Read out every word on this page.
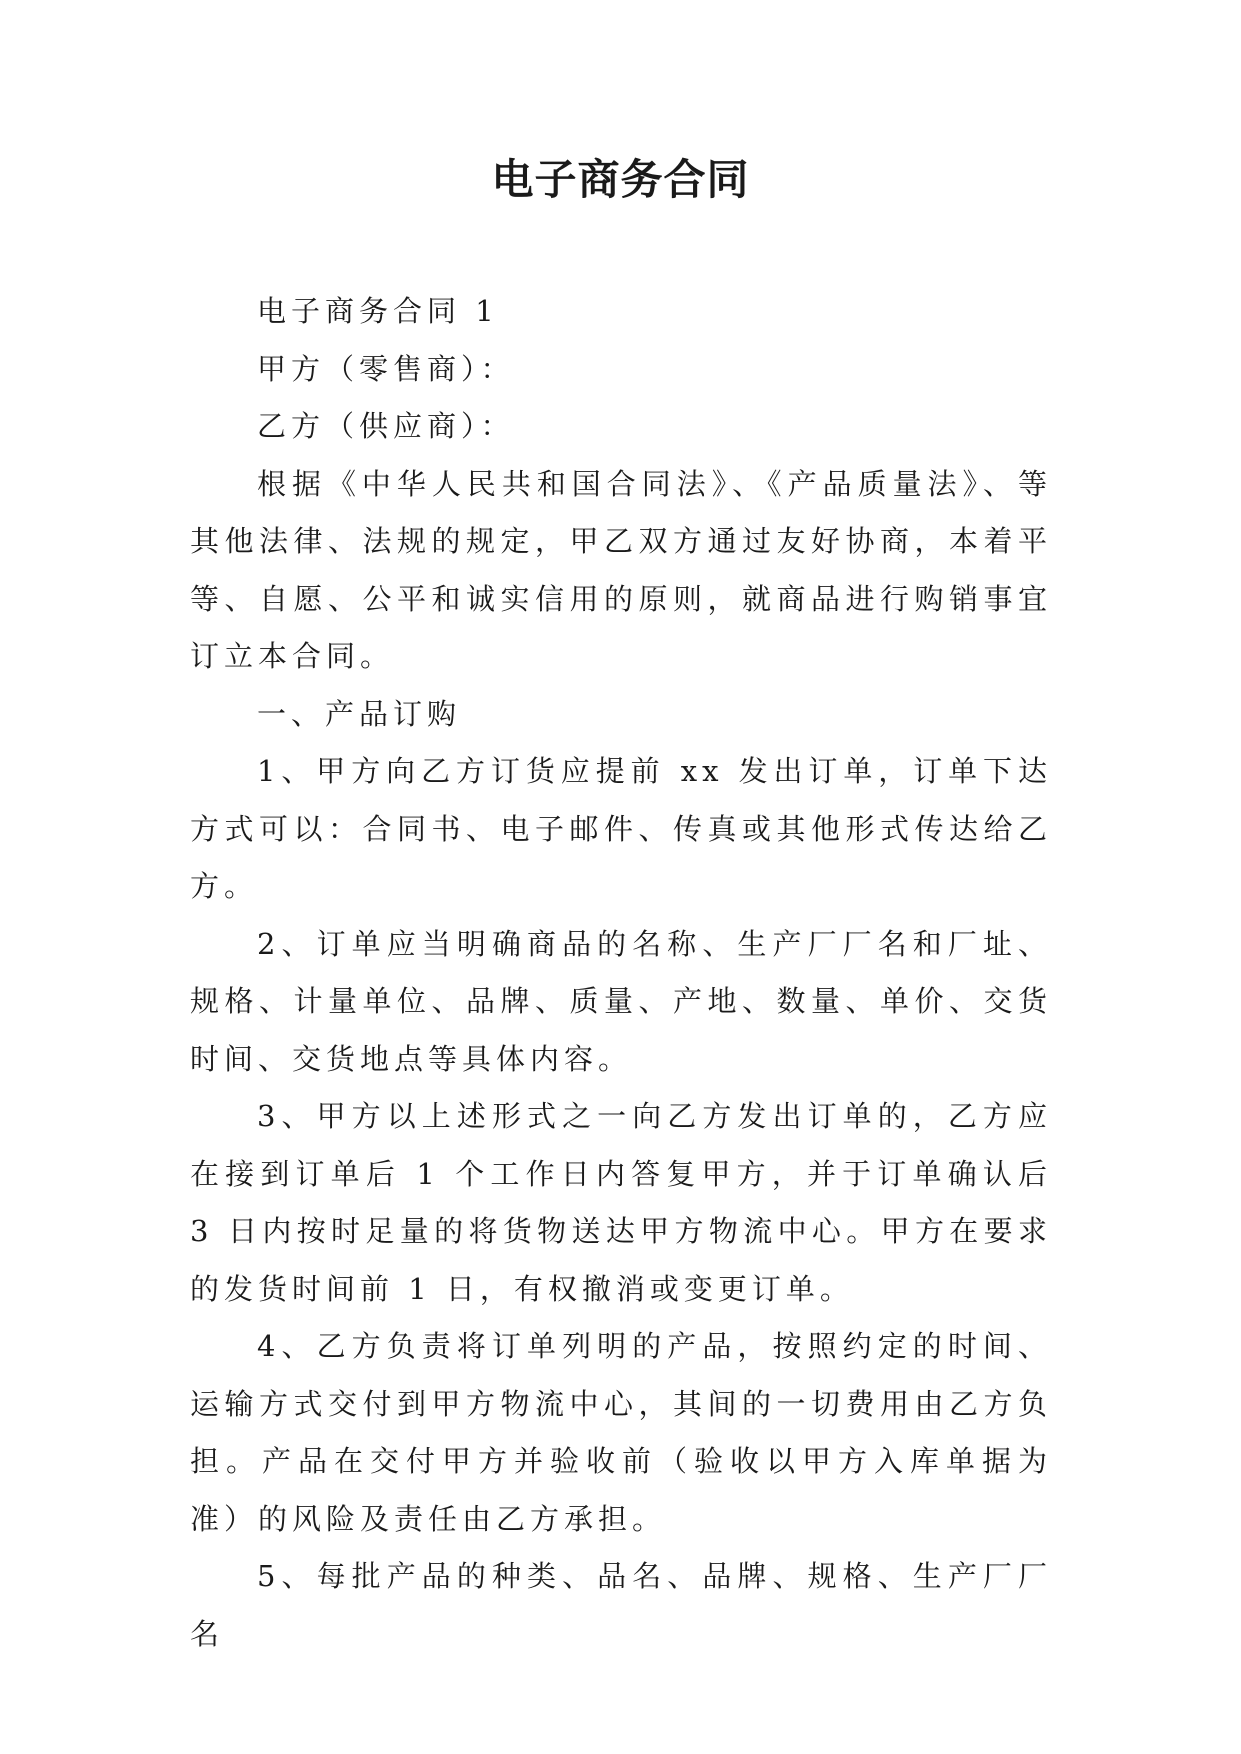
电子商务合同

电子商务合同 1

甲方（零售商）：

乙方（供应商）：

根据《中华人民共和国合同法》、《产品质量法》、等其他法律、法规的规定，甲乙双方通过友好协商，本着平等、自愿、公平和诚实信用的原则，就商品进行购销事宜订立本合同。

一、产品订购

1、甲方向乙方订货应提前 xx 发出订单，订单下达方式可以：合同书、电子邮件、传真或其他形式传达给乙方。

2、订单应当明确商品的名称、生产厂厂名和厂址、规格、计量单位、品牌、质量、产地、数量、单价、交货时间、交货地点等具体内容。

3、甲方以上述形式之一向乙方发出订单的，乙方应在接到订单后 1 个工作日内答复甲方，并于订单确认后 3 日内按时足量的将货物送达甲方物流中心。甲方在要求的发货时间前 1 日，有权撤消或变更订单。

4、乙方负责将订单列明的产品，按照约定的时间、运输方式交付到甲方物流中心，其间的一切费用由乙方负担。产品在交付甲方并验收前（验收以甲方入库单据为准）的风险及责任由乙方承担。

5、每批产品的种类、品名、品牌、规格、生产厂厂名
